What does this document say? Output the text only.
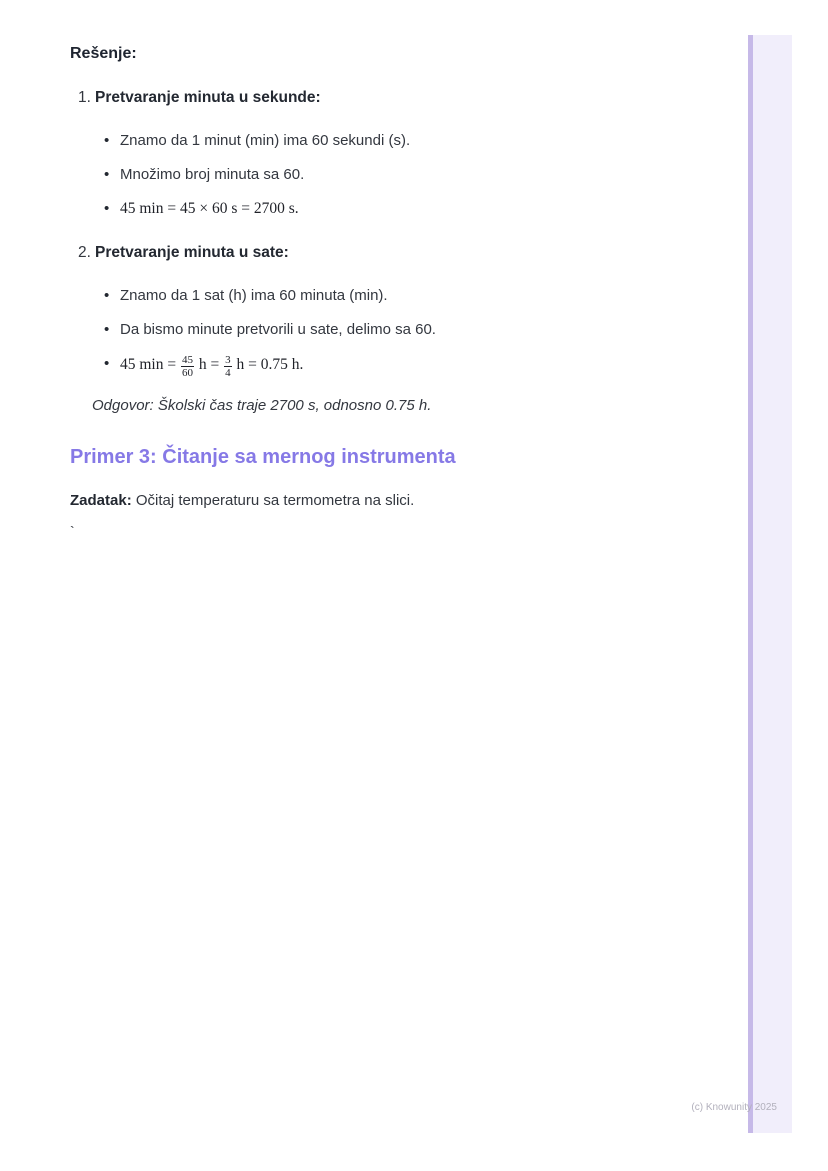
Rešenje:
1. Pretvaranje minuta u sekunde:
• Znamo da 1 minut (min) ima 60 sekundi (s).
• Množimo broj minuta sa 60.
• 45 min = 45 × 60 s = 2700 s.
2. Pretvaranje minuta u sate:
• Znamo da 1 sat (h) ima 60 minuta (min).
• Da bismo minute pretvorili u sate, delimo sa 60.
• 45 $\min = \frac{45}{60}$ $h = \frac{3}{4}$ h = 0.75 h.
Odgovor: Školski čas traje 2700 s, odnosno 0.75 h.
Primer 3: Čitanje sa mernog instrumenta

Zadatak: Očitaj temperaturu sa termometra na slici.

`
(c) Knowunity 2025
